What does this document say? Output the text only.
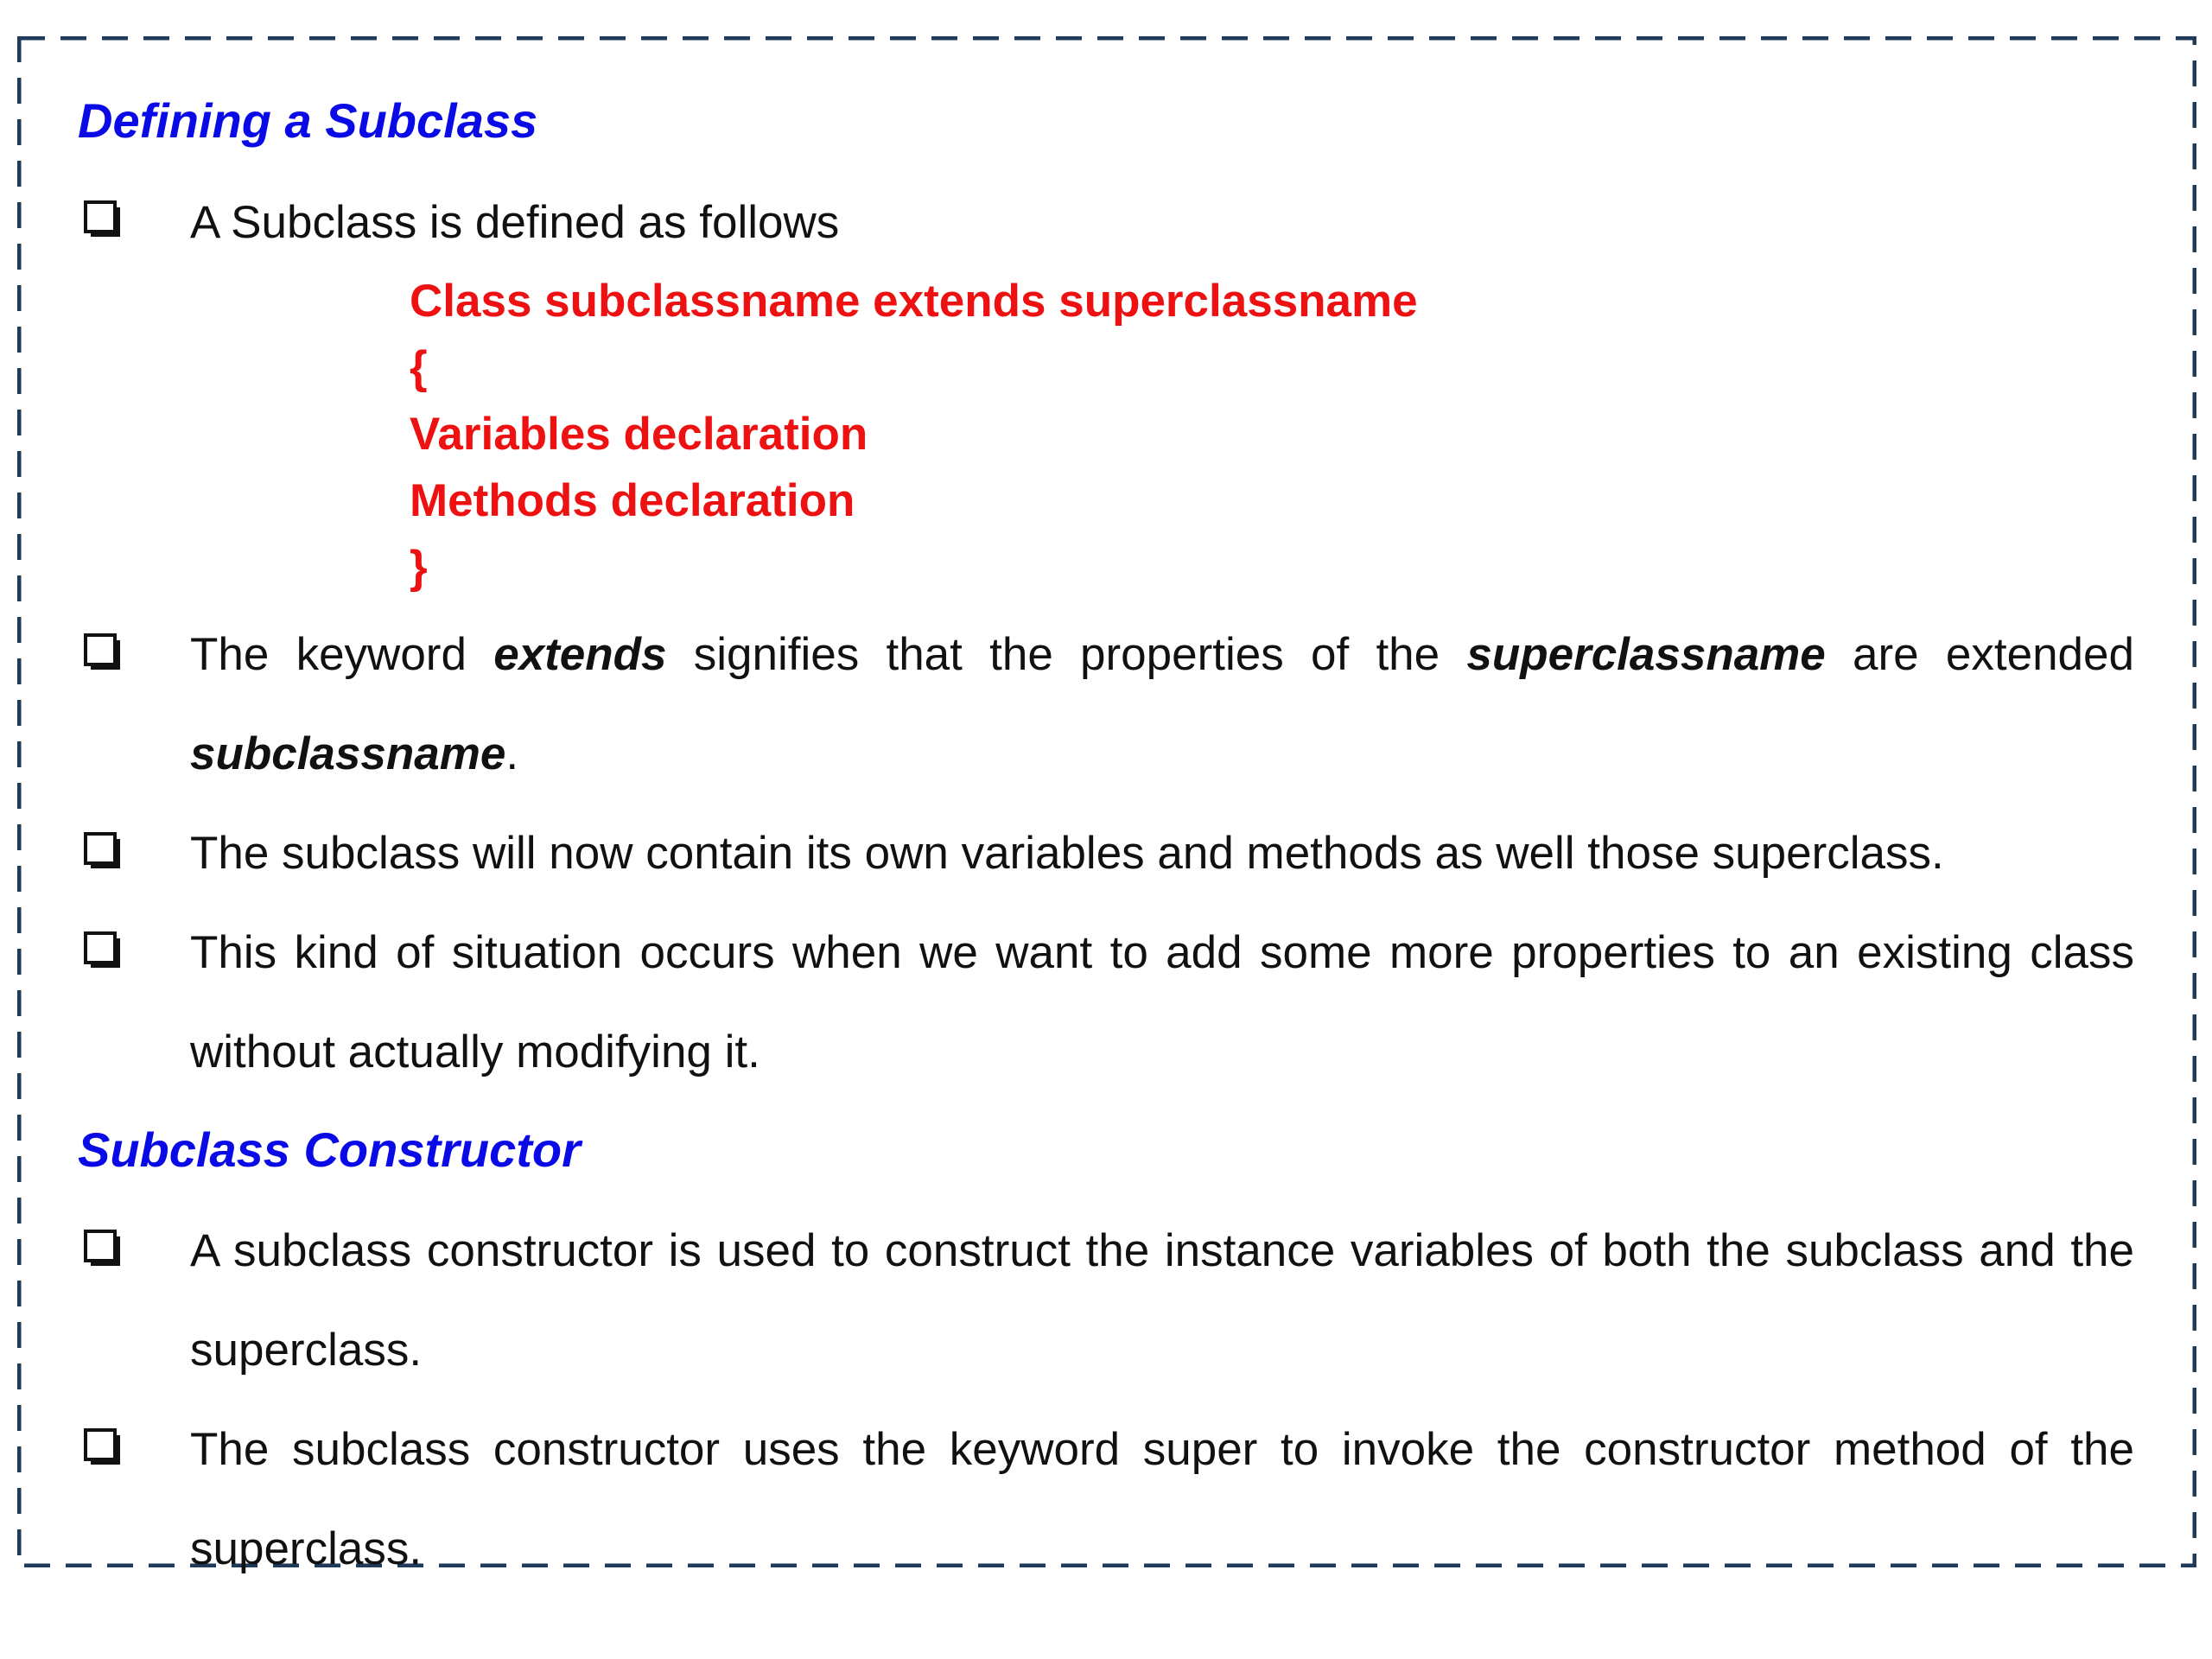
Defining a Subclass
A Subclass is defined as follows
Class subclassname extends superclassname
{
Variables declaration
Methods declaration
}
The keyword extends signifies that the properties of the superclassname are extended subclassname.
The subclass will now contain its own variables and methods as well those superclass.
This kind of situation occurs when we want to add some more properties to an existing class without actually modifying it.
Subclass Constructor
A subclass constructor is used to construct the instance variables of both the subclass and the superclass.
The subclass constructor uses the keyword super to invoke the constructor method of the superclass.
